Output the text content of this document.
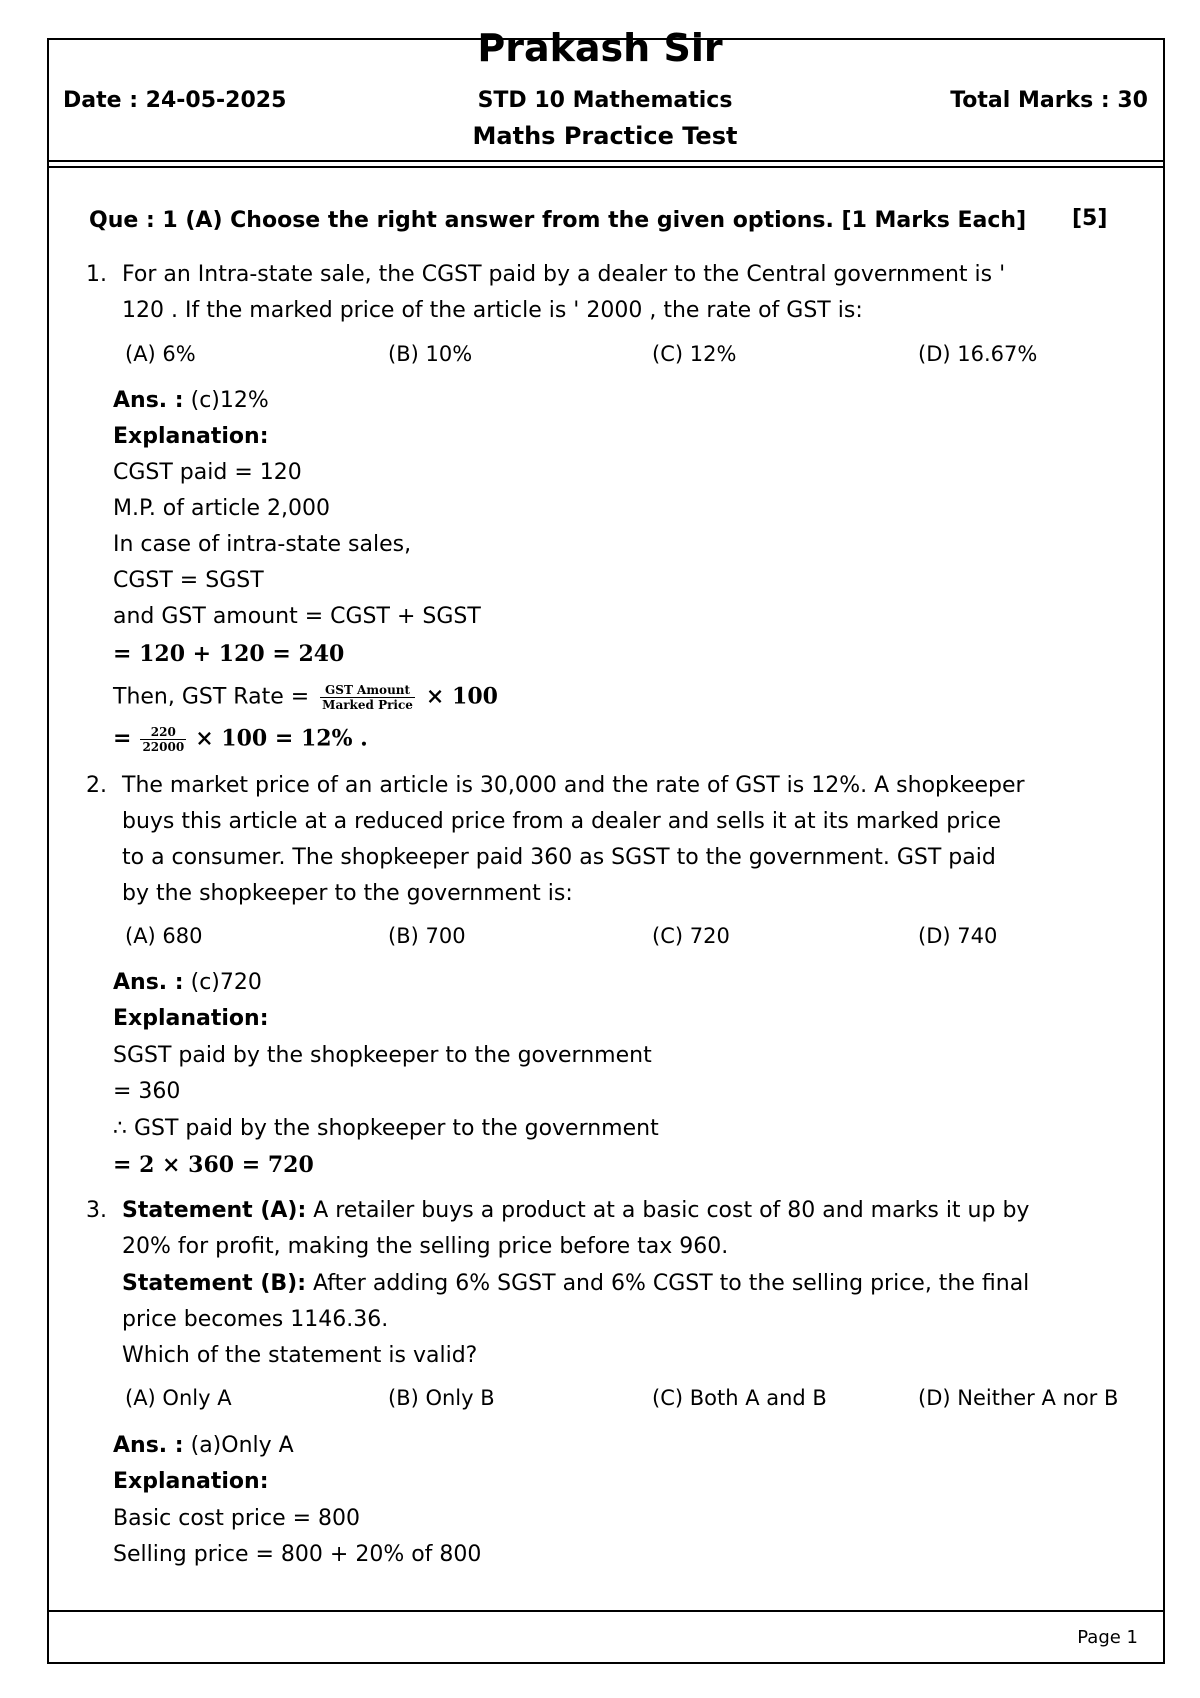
Prakash Sir
Date : 24-05-2025	STD 10 Mathematics	Total Marks : 30
Maths Practice Test
Que : 1 (A) Choose the right answer from the given options. [1 Marks Each] [5]
1. For an Intra-state sale, the CGST paid by a dealer to the Central government is '
120 . If the marked price of the article is ' 2000 , the rate of GST is:
(A) 6%	(B) 10%	(C) 12%	(D) 16.67%
Ans. : (c)12%
Explanation:
CGST paid = 120
M.P. of article 2,000
In case of intra-state sales,
CGST = SGST
and GST amount = CGST + SGST
= 120 + 120 = 240
Then, GST Rate = $\frac{\text{GST Amount}}{\text{Marked Price}} \times 100$
= $\frac{220}{22000} \times 100 = 12\%$ .
2. The market price of an article is 30,000 and the rate of GST is 12%. A shopkeeper
buys this article at a reduced price from a dealer and sells it at its marked price
to a consumer. The shopkeeper paid 360 as SGST to the government. GST paid
by the shopkeeper to the government is:
(A) 680	(B) 700	(C) 720	(D) 740
Ans. : (c)720
Explanation:
SGST paid by the shopkeeper to the government
= 360
∴ GST paid by the shopkeeper to the government
= 2 × 360 = 720
3. Statement (A): A retailer buys a product at a basic cost of 80 and marks it up by
20% for profit, making the selling price before tax 960.
Statement (B): After adding 6% SGST and 6% CGST to the selling price, the final
price becomes 1146.36.
Which of the statement is valid?
(A) Only A	(B) Only B	(C) Both A and B	(D) Neither A nor B
Ans. : (a)Only A
Explanation:
Basic cost price = 800
Selling price = 800 + 20% of 800
Page 1
